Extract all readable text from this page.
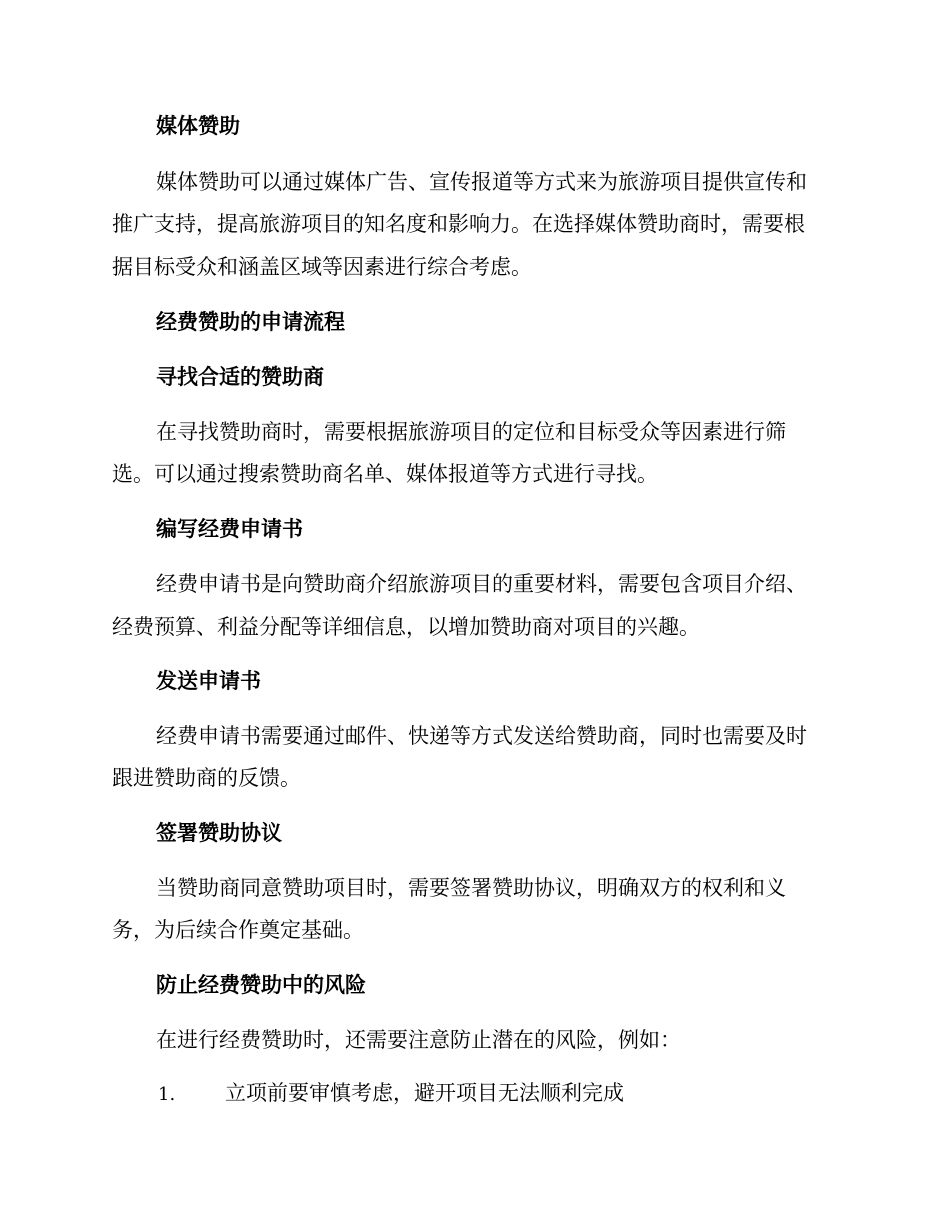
媒体赞助
媒体赞助可以通过媒体广告、宣传报道等方式来为旅游项目提供宣传和
推广支持，提高旅游项目的知名度和影响力。在选择媒体赞助商时，需要根
据目标受众和涵盖区域等因素进行综合考虑。
经费赞助的申请流程
寻找合适的赞助商
在寻找赞助商时，需要根据旅游项目的定位和目标受众等因素进行筛
选。可以通过搜索赞助商名单、媒体报道等方式进行寻找。
编写经费申请书
经费申请书是向赞助商介绍旅游项目的重要材料，需要包含项目介绍、
经费预算、利益分配等详细信息，以增加赞助商对项目的兴趣。
发送申请书
经费申请书需要通过邮件、快递等方式发送给赞助商，同时也需要及时
跟进赞助商的反馈。
签署赞助协议
当赞助商同意赞助项目时，需要签署赞助协议，明确双方的权利和义
务，为后续合作奠定基础。
防止经费赞助中的风险
在进行经费赞助时，还需要注意防止潜在的风险，例如：
1. 立项前要审慎考虑，避开项目无法顺利完成
